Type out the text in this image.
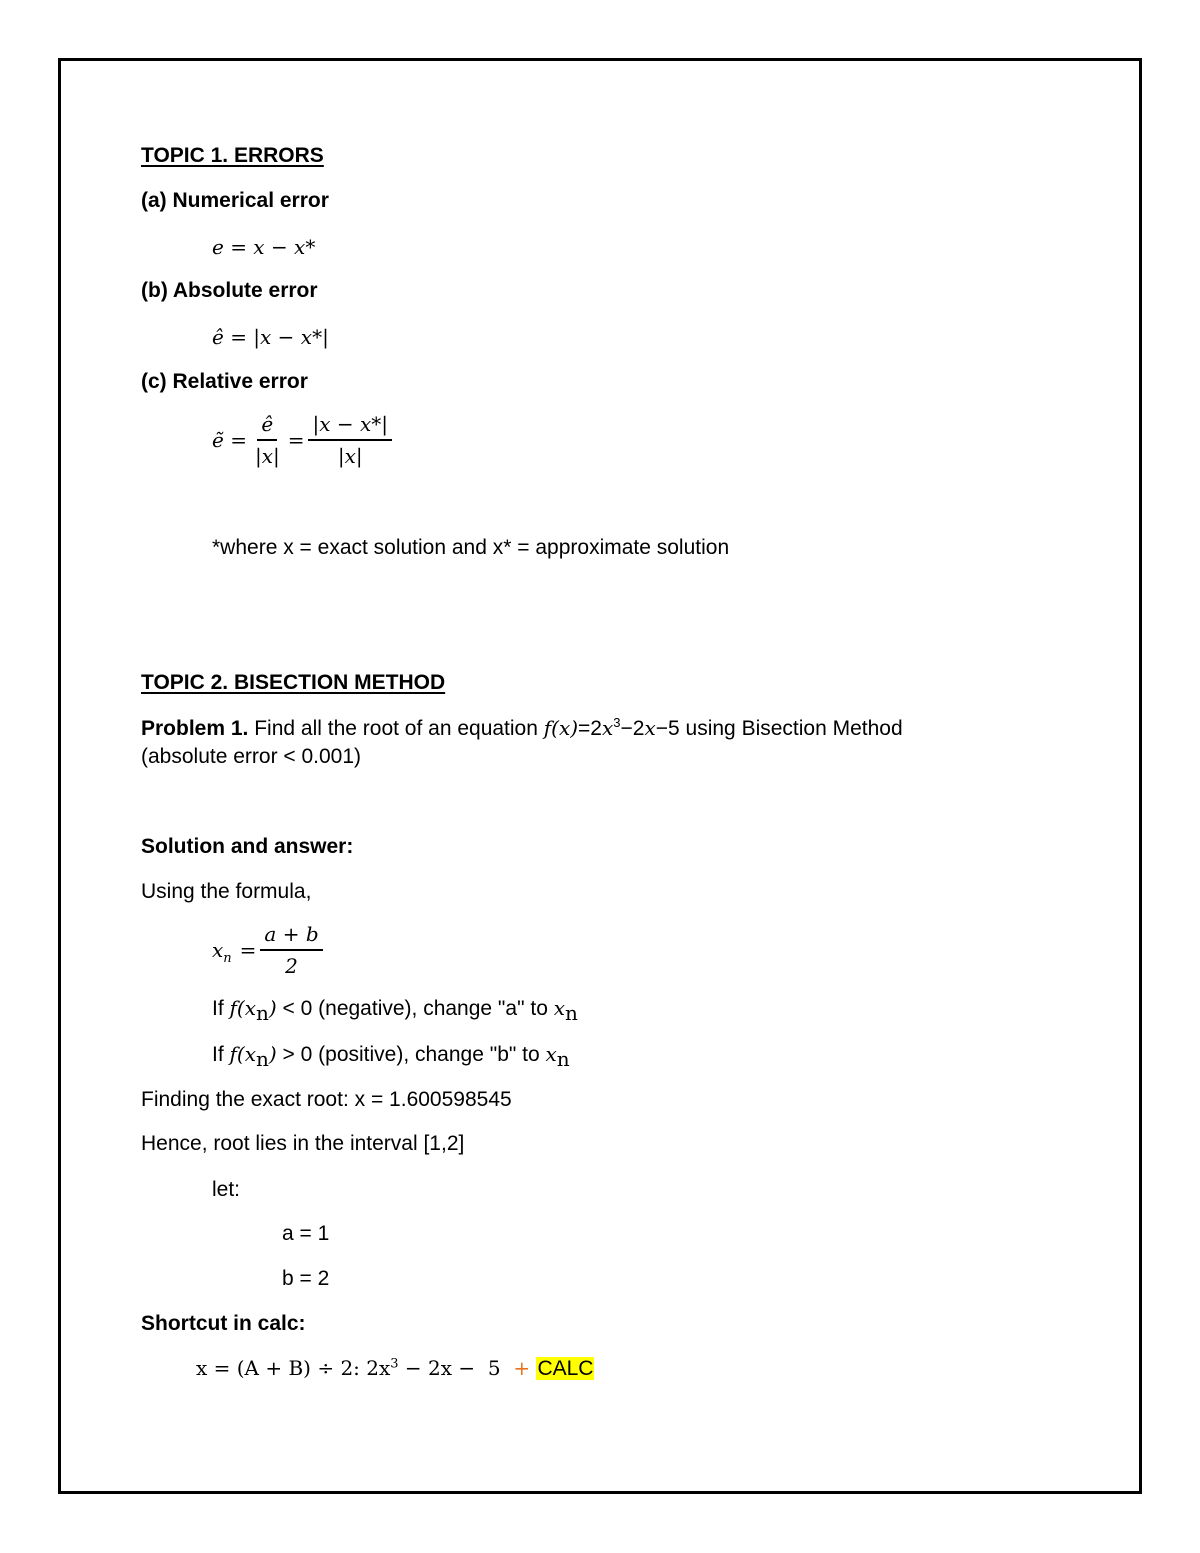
TOPIC 1. ERRORS
(a) Numerical error
e = x − x*
(b) Absolute error
ê = |x − x*|
(c) Relative error
ẽ = $\frac{ê}{|x|} = \frac{|x - x*|}{|x|}$
*where x = exact solution and x* = approximate solution
TOPIC 2. BISECTION METHOD
Problem 1. Find all the root of an equation $f(x)=2x^3-2x-5$ using Bisection Method
(absolute error < 0.001)
Solution and answer:
Using the formula,
$x_n = \frac{a + b}{2}$
If $f(x_n) < 0$ (negative), change "a" to $x_n$
If $f(x_n) > 0$ (positive), change "b" to $x_n$
Finding the exact root: x = 1.600598545
Hence, root lies in the interval [1,2]
let:
a = 1
b = 2
Shortcut in calc:
x = (A + B) ÷ 2: $2x^3 - 2x - 5$  + CALC
